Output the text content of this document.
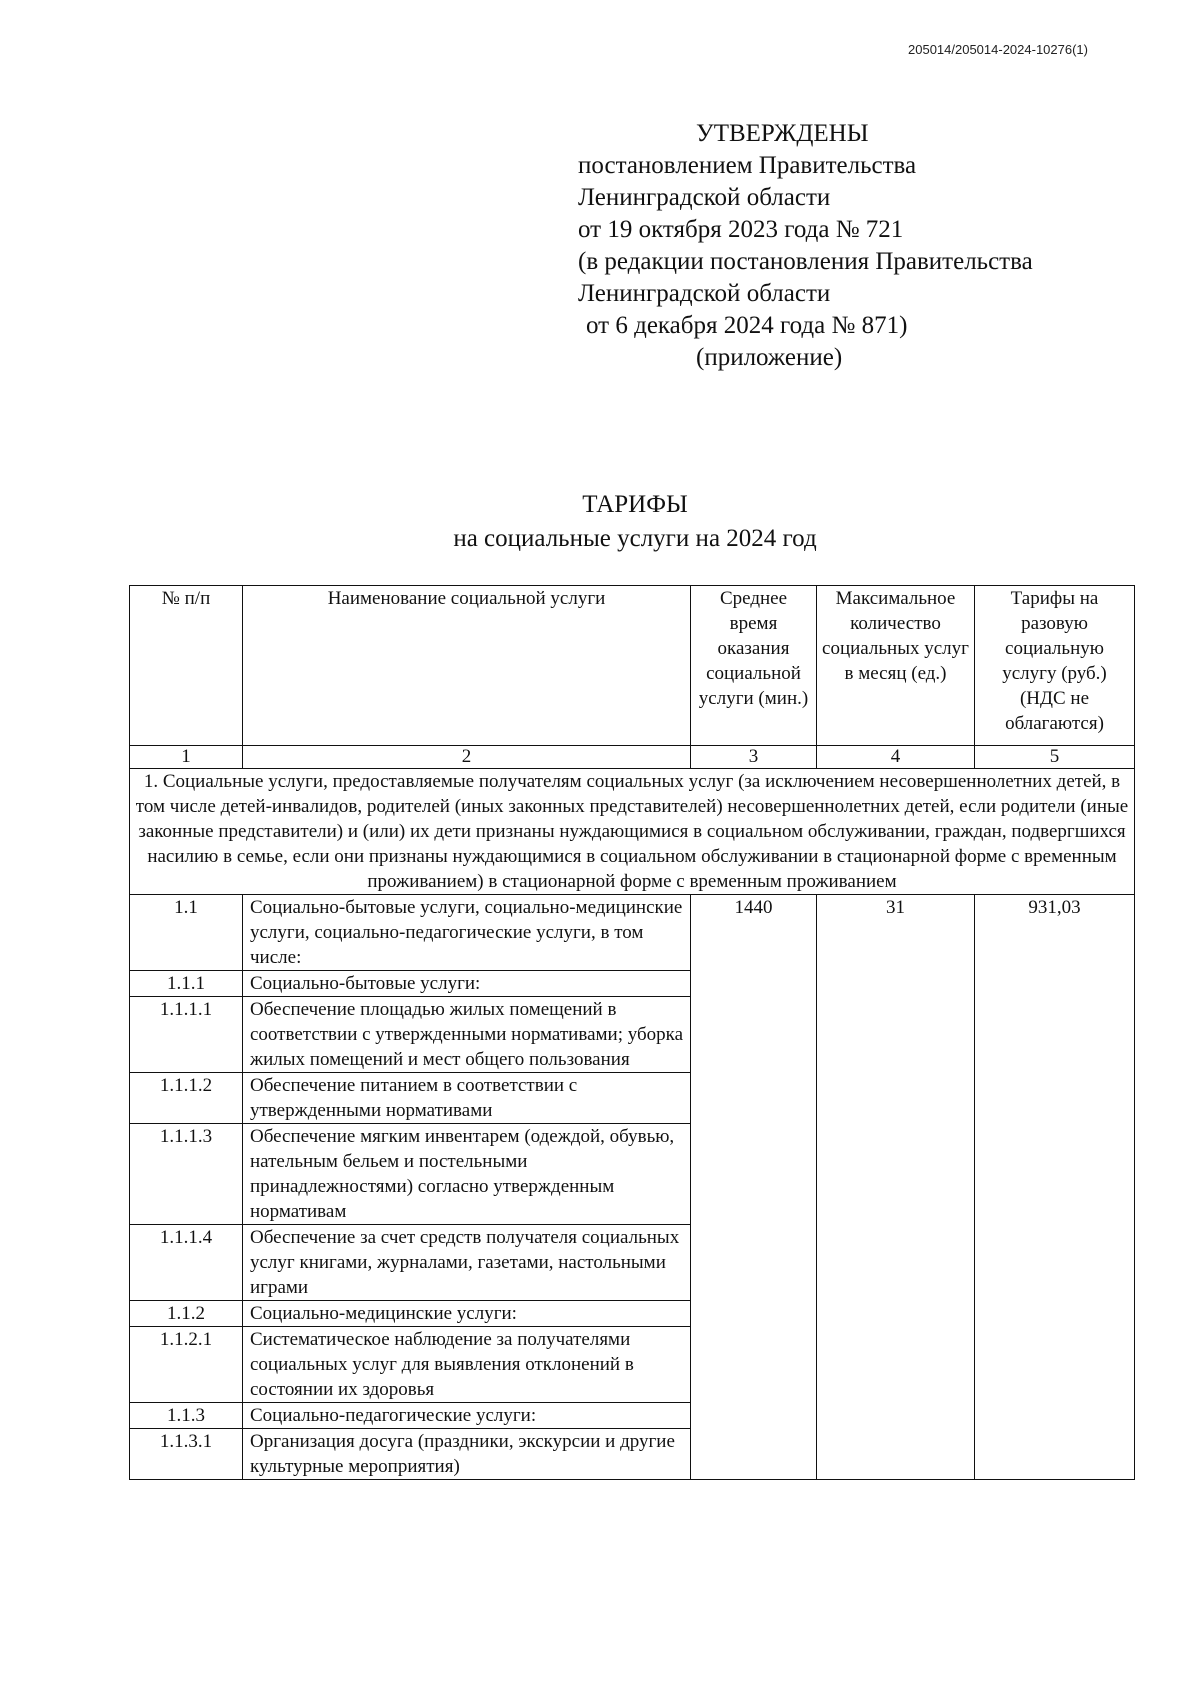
205014/205014-2024-10276(1)
УТВЕРЖДЕНЫ
постановлением Правительства
Ленинградской области
от 19 октября 2023 года № 721
(в редакции постановления Правительства
Ленинградской области
от 6 декабря 2024 года № 871)
(приложение)
ТАРИФЫ
на социальные услуги на 2024 год
№ п/п	Наименование социальной услуги	Среднее время оказания социальной услуги (мин.)	Максимальное количество социальных услуг в месяц (ед.)	Тарифы на разовую социальную услугу (руб.) (НДС не облагаются)
1	2	3	4	5
1. Социальные услуги, предоставляемые получателям социальных услуг (за исключением несовершеннолетних детей, в том числе детей-инвалидов, родителей (иных законных представителей) несовершеннолетних детей, если родители (иные законные представители) и (или) их дети признаны нуждающимися в социальном обслуживании, граждан, подвергшихся насилию в семье, если они признаны нуждающимися в социальном обслуживании в стационарной форме с временным проживанием) в стационарной форме с временным проживанием				
1.1	Социально-бытовые услуги, социально-медицинские услуги, социально-педагогические услуги, в том числе:	1440	31	931,03
1.1.1	Социально-бытовые услуги:			
1.1.1.1	Обеспечение площадью жилых помещений в соответствии с утвержденными нормативами; уборка жилых помещений и мест общего пользования			
1.1.1.2	Обеспечение питанием в соответствии с утвержденными нормативами			
1.1.1.3	Обеспечение мягким инвентарем (одеждой, обувью, нательным бельем и постельными принадлежностями) согласно утвержденным нормативам			
1.1.1.4	Обеспечение за счет средств получателя социальных услуг книгами, журналами, газетами, настольными играми			
1.1.2	Социально-медицинские услуги:			
1.1.2.1	Систематическое наблюдение за получателями социальных услуг для выявления отклонений в состоянии их здоровья			
1.1.3	Социально-педагогические услуги:			
1.1.3.1	Организация досуга (праздники, экскурсии и другие культурные мероприятия)			
